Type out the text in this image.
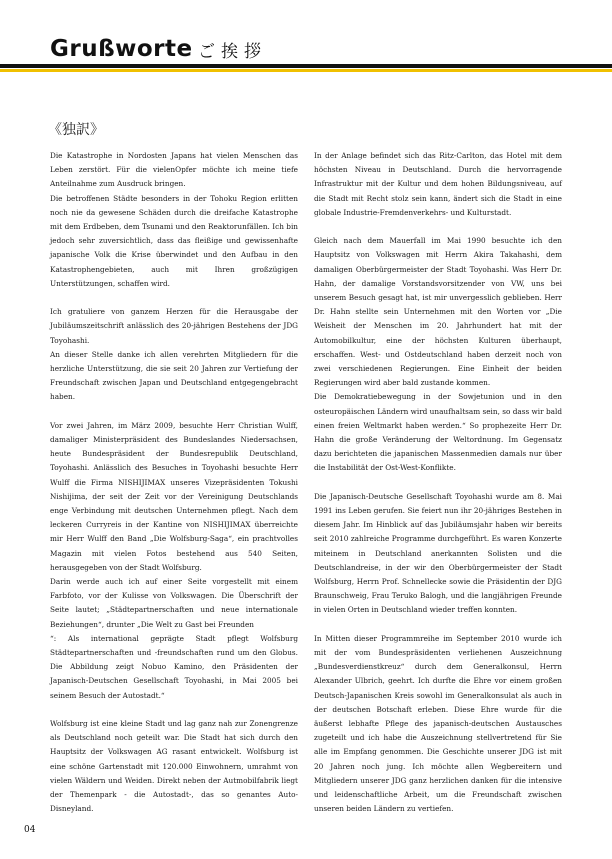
Grußworte ご挨拶
《独訳》

Die Katastrophe in Nordosten Japans hat vielen Menschen das Leben zerstört. Für die vielenOpfer möchte ich meine tiefe Anteilnahme zum Ausdruck bringen.

Die betroffenen Städte besonders in der Tohoku Region erlitten noch nie da gewesene Schäden durch die dreifache Katastrophe mit dem Erdbeben, dem Tsunami und den Reaktorunfällen. Ich bin jedoch sehr zuversichtlich, dass das fleißige und gewissenhafte japanische Volk die Krise überwindet und den Aufbau in den Katastrophengebieten, auch mit Ihren großzügigen Unterstützungen, schaffen wird.

Ich gratuliere von ganzem Herzen für die Herausgabe der Jubiläumszeitschrift anlässlich des 20-jährigen Bestehens der JDG Toyohashi.

An dieser Stelle danke ich allen verehrten Mitgliedern für die herzliche Unterstützung, die sie seit 20 Jahren zur Vertiefung der Freundschaft zwischen Japan und Deutschland entgegengebracht haben.

Vor zwei Jahren, im März 2009, besuchte Herr Christian Wulff, damaliger Ministerpräsident des Bundeslandes Niedersachsen, heute Bundespräsident der Bundesrepublik Deutschland, Toyohashi. Anlässlich des Besuches in Toyohashi besuchte Herr Wulff die Firma NISHIJIMAX unseres Vizepräsidenten Tokushi Nishijima, der seit der Zeit vor der Vereinigung Deutschlands enge Verbindung mit deutschen Unternehmen pflegt. Nach dem leckeren Curryreis in der Kantine von NISHIJIMAX überreichte mir Herr Wulff den Band „Die Wolfsburg-Saga“, ein prachtvolles Magazin mit vielen Fotos bestehend aus 540 Seiten, herausgegeben von der Stadt Wolfsburg.

Darin werde auch ich auf einer Seite vorgestellt mit einem Farbfoto, vor der Kulisse von Volkswagen. Die Überschrift der Seite lautet; „Städtepartnerschaften und neue internationale Beziehungen“, drunter „Die Welt zu Gast bei Freunden

“: Als international geprägte Stadt pflegt Wolfsburg Städtepartnerschaften und -freundschaften rund um den Globus. Die Abbildung zeigt Nobuo Kamino, den Präsidenten der Japanisch-Deutschen Gesellschaft Toyohashi, in Mai 2005 bei seinem Besuch der Autostadt.“

Wolfsburg ist eine kleine Stadt und lag ganz nah zur Zonengrenze als Deutschland noch geteilt war. Die Stadt hat sich durch den Hauptsitz der Volkswagen AG rasant entwickelt. Wolfsburg ist eine schöne Gartenstadt mit 120.000 Einwohnern, umrahmt von vielen Wäldern und Weiden. Direkt neben der Autmobilfabrik liegt der Themenpark - die Autostadt-, das so genantes Auto-Disneyland.

In der Anlage befindet sich das Ritz-Carlton, das Hotel mit dem höchsten Niveau in Deutschland. Durch die hervorragende Infrastruktur mit der Kultur und dem hohen Bildungsniveau, auf die Stadt mit Recht stolz sein kann, ändert sich die Stadt in eine globale Industrie-Fremdenverkehrs- und Kulturstadt.

Gleich nach dem Mauerfall im Mai 1990 besuchte ich den Hauptsitz von Volkswagen mit Herrn Akira Takahashi, dem damaligen Oberbürgermeister der Stadt Toyohashi. Was Herr Dr. Hahn, der damalige Vorstandsvorsitzender von VW, uns bei unserem Besuch gesagt hat, ist mir unvergesslich geblieben. Herr Dr. Hahn stellte sein Unternehmen mit den Worten vor „Die Weisheit der Menschen im 20. Jahrhundert hat mit der Automobilkultur, eine der höchsten Kulturen überhaupt, erschaffen. West- und Ostdeutschland haben derzeit noch von zwei verschiedenen Regierungen. Eine Einheit der beiden Regierungen wird aber bald zustande kommen.

Die Demokratiebewegung in der Sowjetunion und in den osteuropäischen Ländern wird unaufhaltsam sein, so dass wir bald einen freien Weltmarkt haben werden.“ So prophezeite Herr Dr. Hahn die große Veränderung der Weltordnung. Im Gegensatz dazu berichteten die japanischen Massenmedien damals nur über die Instabilität der Ost-West-Konflikte.

Die Japanisch-Deutsche Gesellschaft Toyohashi wurde am 8. Mai 1991 ins Leben gerufen. Sie feiert nun ihr 20-jähriges Bestehen in diesem Jahr. Im Hinblick auf das Jubiläumsjahr haben wir bereits seit 2010 zahlreiche Programme durchgeführt. Es waren Konzerte miteinem in Deutschland anerkannten Solisten und die Deutschlandreise, in der wir den Oberbürgermeister der Stadt Wolfsburg, Herrn Prof. Schnellecke sowie die Präsidentin der DJG Braunschweig, Frau Teruko Balogh, und die langjährigen Freunde in vielen Orten in Deutschland wieder treffen konnten.

In Mitten dieser Programmreihe im September 2010 wurde ich mit der vom Bundespräsidenten verliehenen Auszeichnung „Bundesverdienstkreuz“ durch dem Generalkonsul, Herrn Alexander Ulbrich, geehrt. Ich durfte die Ehre vor einem großen Deutsch-Japanischen Kreis sowohl im Generalkonsulat als auch in der deutschen Botschaft erleben. Diese Ehre wurde für die äußerst lebhafte Pflege des japanisch-deutschen Austausches zugeteilt und ich habe die Auszeichnung stellvertretend für Sie alle im Empfang genommen. Die Geschichte unserer JDG ist mit 20 Jahren noch jung. Ich möchte allen Wegbereitern und Mitgliedern unserer JDG ganz herzlichen danken für die intensive und leidenschaftliche Arbeit, um die Freundschaft zwischen unseren beiden Ländern zu vertiefen.

04
